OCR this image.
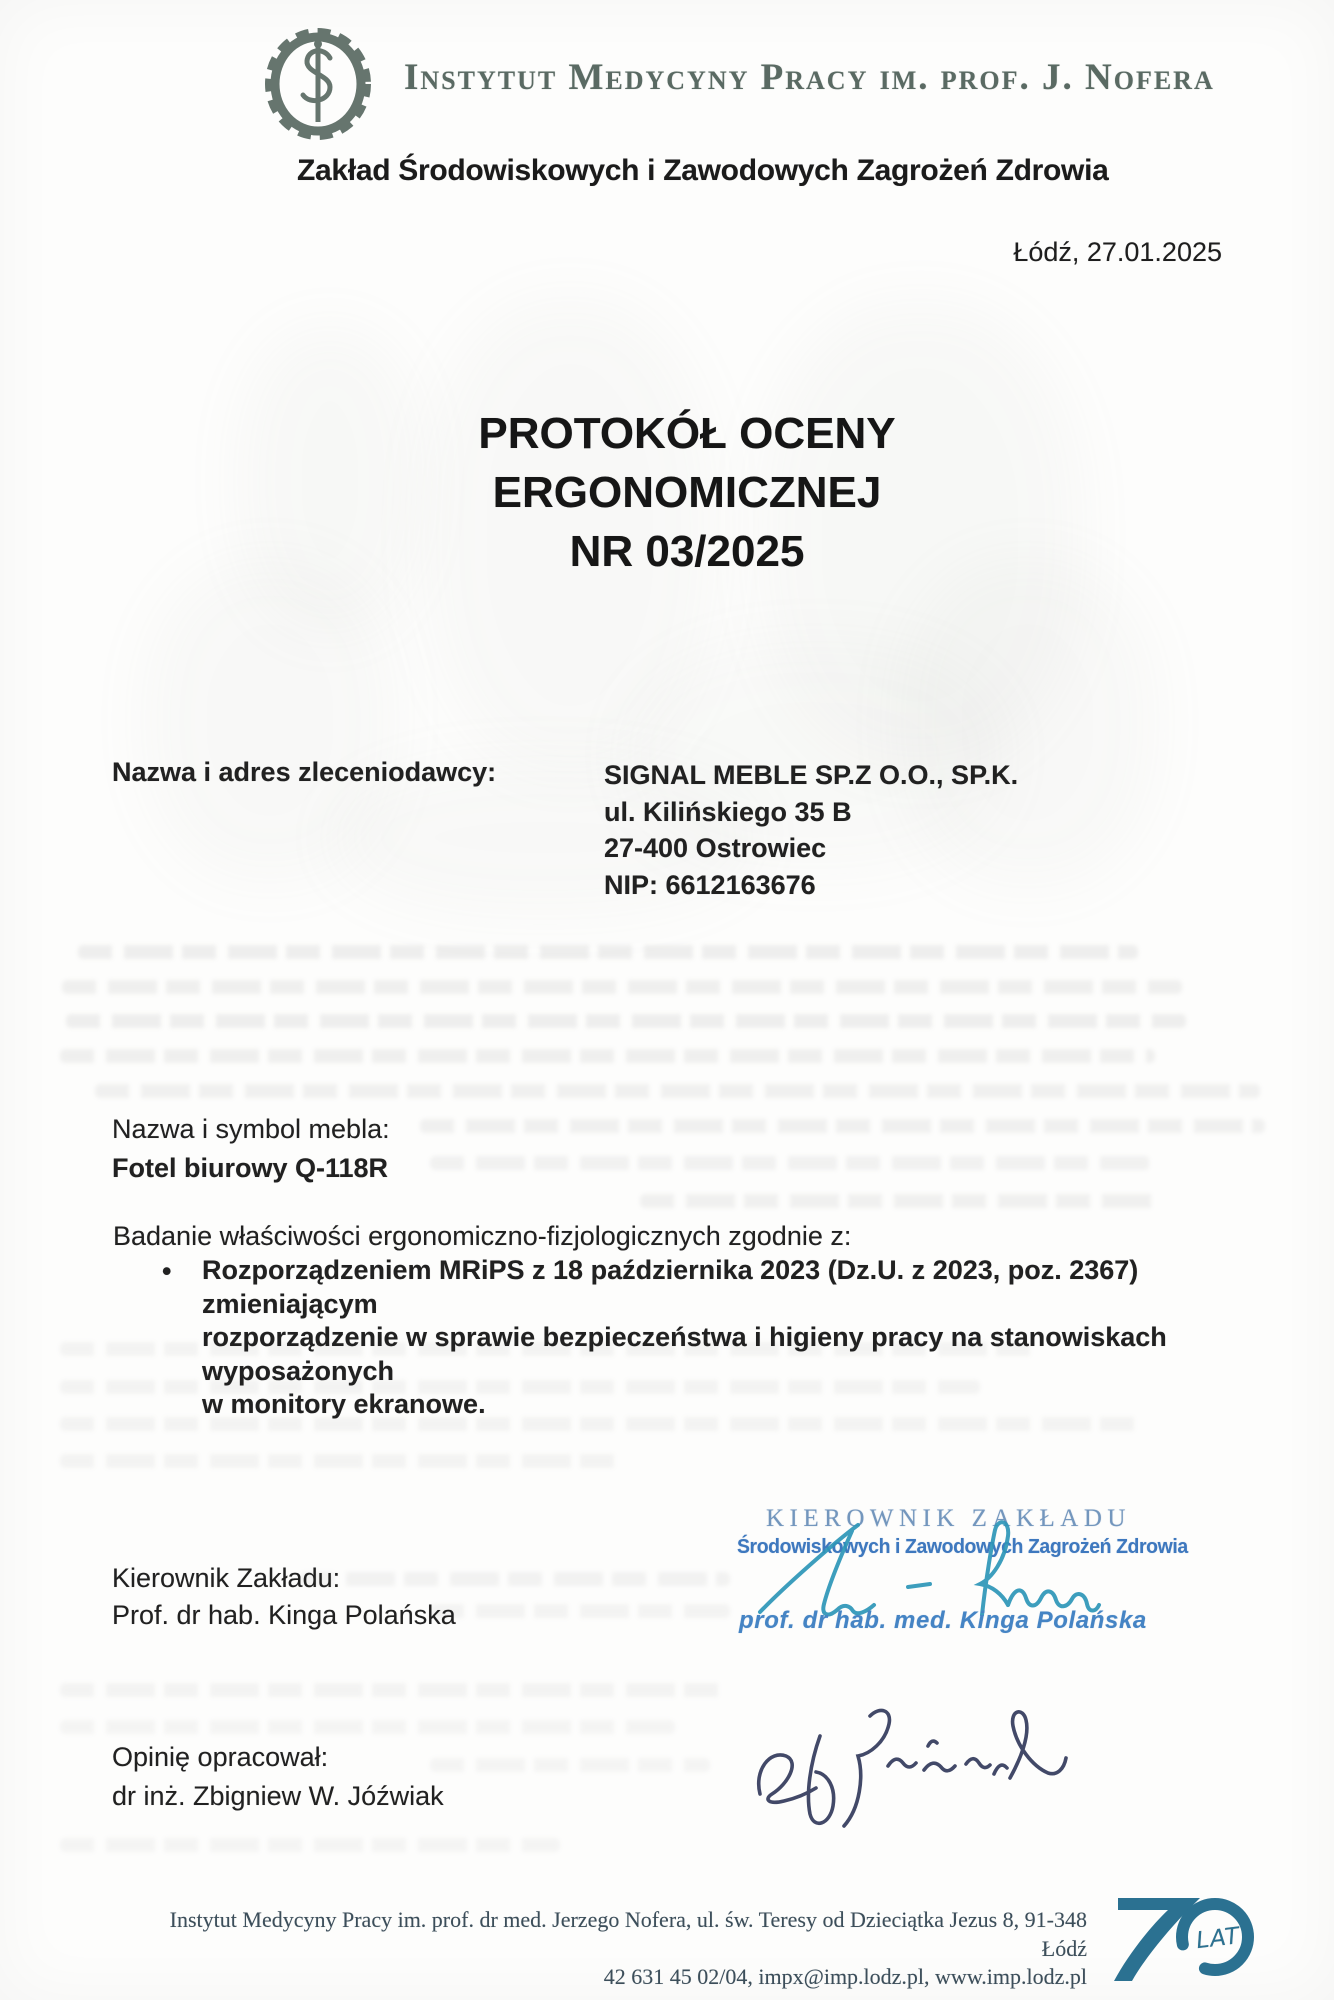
Instytut Medycyny Pracy im. prof. J. Nofera
Zakład Środowiskowych i Zawodowych Zagrożeń Zdrowia
Łódź, 27.01.2025
PROTOKÓŁ OCENY
ERGONOMICZNEJ
NR 03/2025
Nazwa i adres zleceniodawcy:	SIGNAL MEBLE SP.Z O.O., SP.K.
ul. Kilińskiego 35 B
27-400 Ostrowiec
NIP: 6612163676
Nazwa i symbol mebla:
Fotel biurowy Q-118R
Badanie właściwości ergonomiczno-fizjologicznych zgodnie z:
• Rozporządzeniem MRiPS z 18 października 2023 (Dz.U. z 2023, poz. 2367) zmieniającym
rozporządzenie w sprawie bezpieczeństwa i higieny pracy na stanowiskach wyposażonych
w monitory ekranowe.
KIEROWNIK ZAKŁADU
Środowiskowych i Zawodowych Zagrożeń Zdrowia
prof. dr hab. med. Kinga Polańska
Kierownik Zakładu:
Prof. dr hab. Kinga Polańska
Opinię opracował:
dr inż. Zbigniew W. Jóźwiak
Instytut Medycyny Pracy im. prof. dr med. Jerzego Nofera, ul. św. Teresy od Dzieciątka Jezus 8, 91-348 Łódź
42 631 45 02/04, impx@imp.lodz.pl, www.imp.lodz.pl
LAT
